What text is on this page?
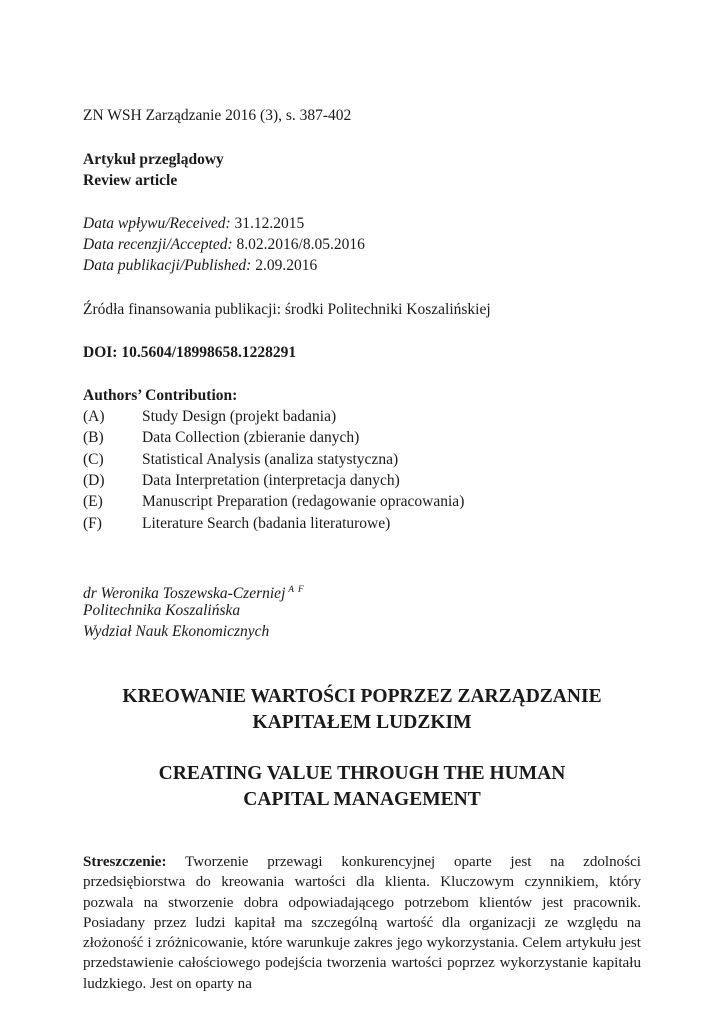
ZN WSH Zarządzanie 2016 (3), s. 387-402
Artykuł przeglądowy
Review article
Data wpływu/Received: 31.12.2015
Data recenzji/Accepted: 8.02.2016/8.05.2016
Data publikacji/Published: 2.09.2016
Źródła finansowania publikacji: środki Politechniki Koszalińskiej
DOI: 10.5604/18998658.1228291
Authors’ Contribution:
(A) Study Design (projekt badania)
(B) Data Collection (zbieranie danych)
(C) Statistical Analysis (analiza statystyczna)
(D) Data Interpretation (interpretacja danych)
(E)	Manuscript Preparation (redagowanie opracowania)
(F)	Literature Search (badania literaturowe)
dr Weronika Toszewska-Czerniej $^{A F}$
Politechnika Koszalińska
Wydział Nauk Ekonomicznych
KREOWANIE WARTOŚCI POPRZEZ ZARZĄDZANIE
KAPITAŁEM LUDZKIM
CREATING VALUE THROUGH THE HUMAN
CAPITAL MANAGEMENT
Streszczenie: Tworzenie przewagi konkurencyjnej oparte jest na zdolności przedsiębiorstwa do kreowania wartości dla klienta. Kluczowym czynnikiem, który pozwala na stworzenie dobra odpowiadającego potrzebom klientów jest pracownik. Posiadany przez ludzi kapitał ma szczególną wartość dla organizacji ze względu na złożoność i zróżnicowanie, które warunkuje zakres jego wykorzystania. Celem artykułu jest przedstawienie całościowego podejścia tworzenia wartości poprzez wykorzystanie kapitału ludzkiego. Jest on oparty na
